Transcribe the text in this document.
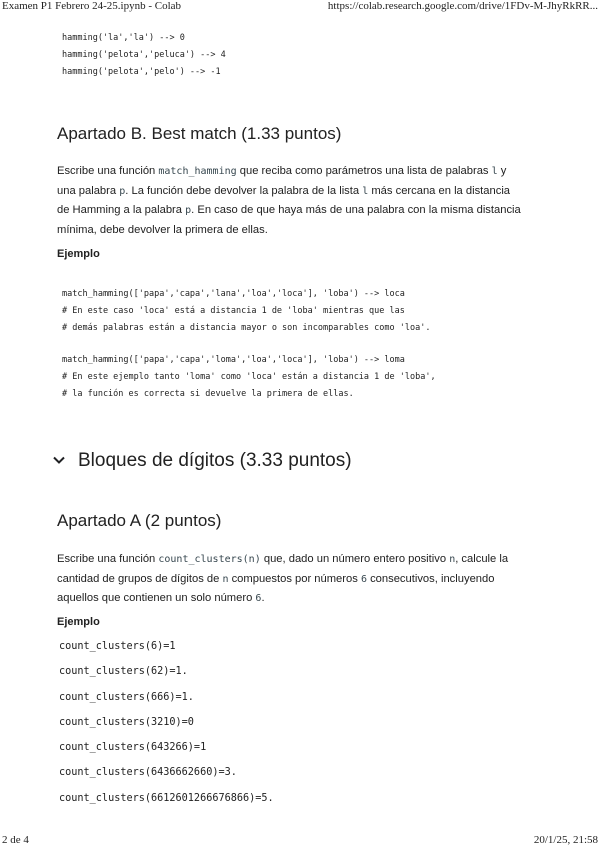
Examen P1 Febrero 24-25.ipynb - Colab	https://colab.research.google.com/drive/1FDv-M-JhyRkRR...
hamming('la','la') --> 0
hamming('pelota','peluca') --> 4
hamming('pelota','pelo') --> -1
Apartado B. Best match (1.33 puntos)
Escribe una función match_hamming que reciba como parámetros una lista de palabras l y
una palabra p. La función debe devolver la palabra de la lista l más cercana en la distancia
de Hamming a la palabra p. En caso de que haya más de una palabra con la misma distancia
mínima, debe devolver la primera de ellas.
Ejemplo
match_hamming(['papa','capa','lana','loa','loca'], 'loba') --> loca
# En este caso 'loca' está a distancia 1 de 'loba' mientras que las
# demás palabras están a distancia mayor o son incomparables como 'loa'.
match_hamming(['papa','capa','loma','loa','loca'], 'loba') --> loma
# En este ejemplo tanto 'loma' como 'loca' están a distancia 1 de 'loba',
# la función es correcta si devuelve la primera de ellas.
Bloques de dígitos (3.33 puntos)
Apartado A (2 puntos)
Escribe una función count_clusters(n) que, dado un número entero positivo n, calcule la
cantidad de grupos de dígitos de n compuestos por números 6 consecutivos, incluyendo
aquellos que contienen un solo número 6.
Ejemplo
count_clusters(6)=1
count_clusters(62)=1.
count_clusters(666)=1.
count_clusters(3210)=0
count_clusters(643266)=1
count_clusters(6436662660)=3.
count_clusters(6612601266676866)=5.
2 de 4	20/1/25, 21:58
